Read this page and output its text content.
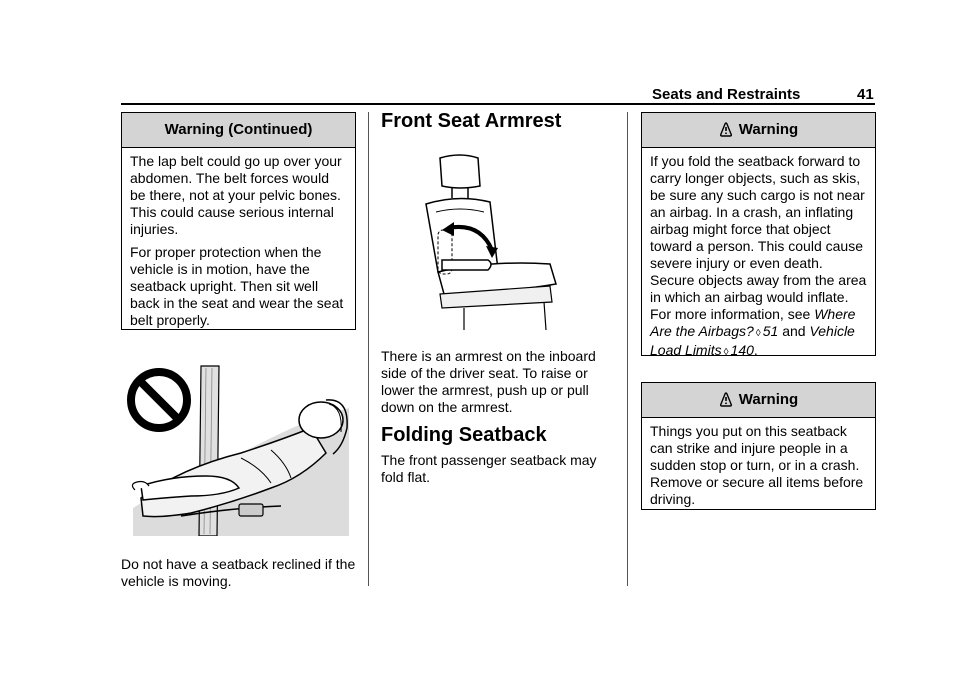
Seats and Restraints	41
Warning (Continued)

The lap belt could go up over your abdomen. The belt forces would be there, not at your pelvic bones. This could cause serious internal injuries.

For proper protection when the vehicle is in motion, have the seatback upright. Then sit well back in the seat and wear the seat belt properly.

Do not have a seatback reclined if the vehicle is moving.
Front Seat Armrest
There is an armrest on the inboard side of the driver seat. To raise or lower the armrest, push up or pull down on the armrest.
Folding Seatback
The front passenger seatback may fold flat.
Warning
If you fold the seatback forward to carry longer objects, such as skis, be sure any such cargo is not near an airbag. In a crash, an inflating airbag might force that object toward a person. This could cause severe injury or even death. Secure objects away from the area in which an airbag would inflate. For more information, see Where Are the Airbags? ◊ 51 and Vehicle Load Limits ◊ 140.
Warning
Things you put on this seatback can strike and injure people in a sudden stop or turn, or in a crash. Remove or secure all items before driving.
